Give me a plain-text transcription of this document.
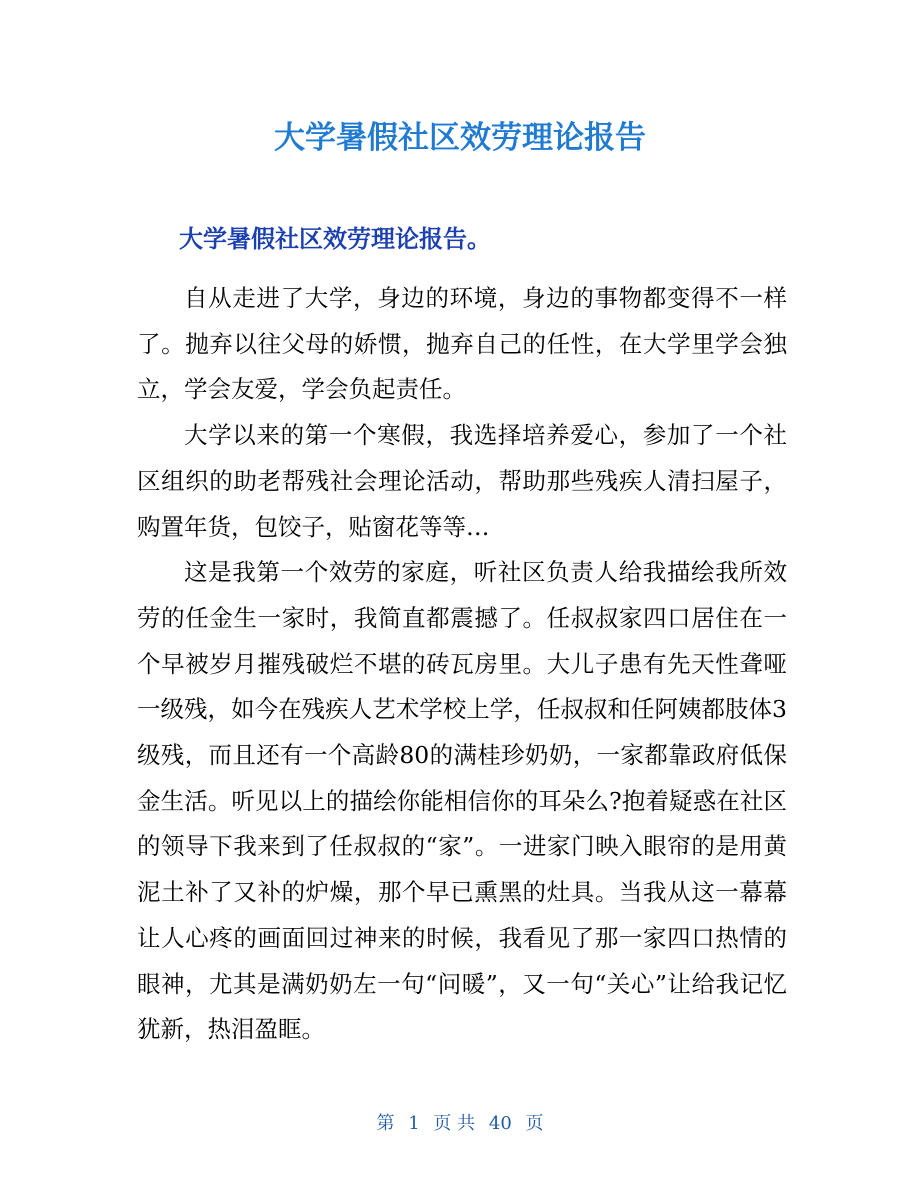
大学暑假社区效劳理论报告
大学暑假社区效劳理论报告。

自从走进了大学，身边的环境，身边的事物都变得不一样了。抛弃以往父母的娇惯，抛弃自己的任性，在大学里学会独立，学会友爱，学会负起责任。

大学以来的第一个寒假，我选择培养爱心，参加了一个社区组织的助老帮残社会理论活动，帮助那些残疾人清扫屋子，购置年货，包饺子，贴窗花等等…

这是我第一个效劳的家庭，听社区负责人给我描绘我所效劳的任金生一家时，我简直都震撼了。任叔叔家四口居住在一个早被岁月摧残破烂不堪的砖瓦房里。大儿子患有先天性聋哑一级残，如今在残疾人艺术学校上学，任叔叔和任阿姨都肢体3级残，而且还有一个高龄80的满桂珍奶奶，一家都靠政府低保金生活。听见以上的描绘你能相信你的耳朵么?抱着疑惑在社区的领导下我来到了任叔叔的“家”。一进家门映入眼帘的是用黄泥土补了又补的炉燥，那个早已熏黑的灶具。当我从这一幕幕让人心疼的画面回过神来的时候，我看见了那一家四口热情的眼神，尤其是满奶奶左一句“问暖”，又一句“关心”让给我记忆犹新，热泪盈眶。

第 1 页 共 40 页
